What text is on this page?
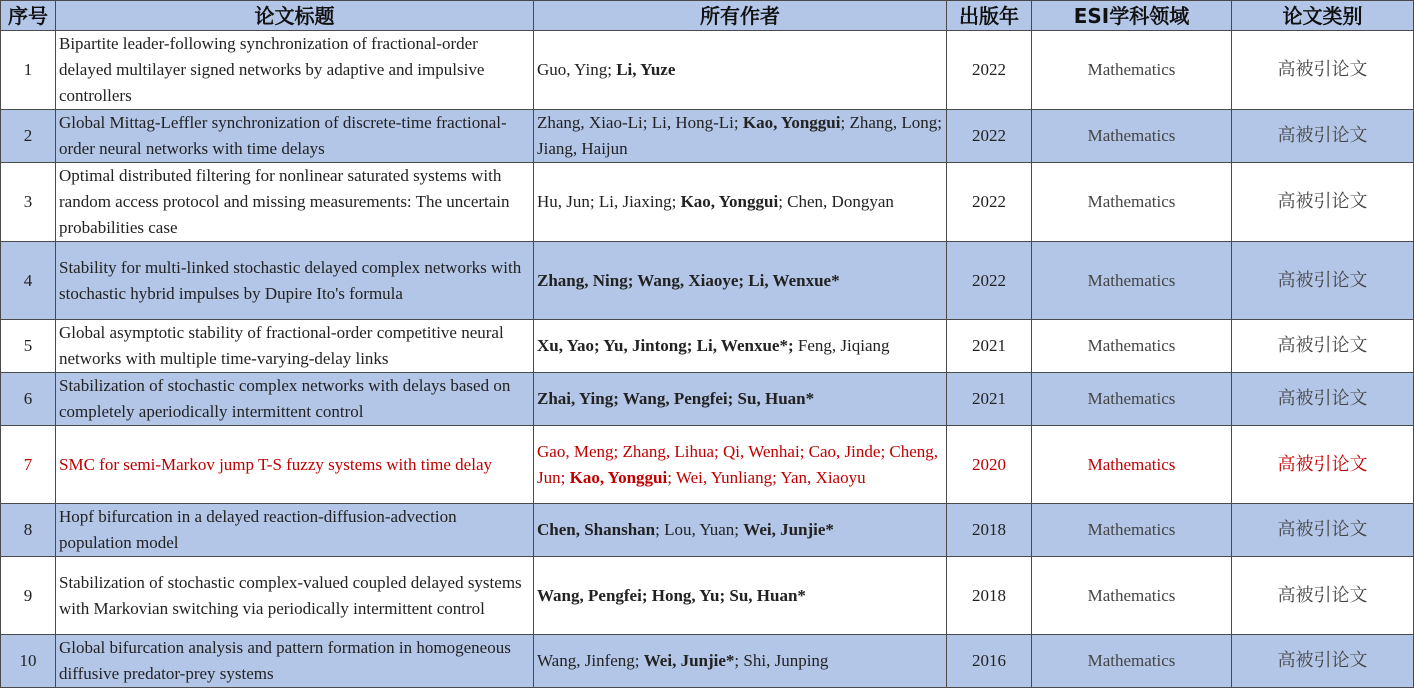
序号	论文标题	所有作者	出版年	ESI学科领域	论文类别
1	Bipartite leader-following synchronization of fractional-order delayed multilayer signed networks by adaptive and impulsive controllers	Guo, Ying; Li, Yuze	2022	Mathematics	高被引论文
2	Global Mittag-Leffler synchronization of discrete-time fractional-order neural networks with time delays	Zhang, Xiao-Li; Li, Hong-Li; Kao, Yonggui; Zhang, Long; Jiang, Haijun	2022	Mathematics	高被引论文
3	Optimal distributed filtering for nonlinear saturated systems with random access protocol and missing measurements: The uncertain probabilities case	Hu, Jun; Li, Jiaxing; Kao, Yonggui; Chen, Dongyan	2022	Mathematics	高被引论文
4	Stability for multi-linked stochastic delayed complex networks with stochastic hybrid impulses by Dupire Ito's formula	Zhang, Ning; Wang, Xiaoye; Li, Wenxue*	2022	Mathematics	高被引论文
5	Global asymptotic stability of fractional-order competitive neural networks with multiple time-varying-delay links	Xu, Yao; Yu, Jintong; Li, Wenxue*; Feng, Jiqiang	2021	Mathematics	高被引论文
6	Stabilization of stochastic complex networks with delays based on completely aperiodically intermittent control	Zhai, Ying; Wang, Pengfei; Su, Huan*	2021	Mathematics	高被引论文
7	SMC for semi-Markov jump T-S fuzzy systems with time delay	Gao, Meng; Zhang, Lihua; Qi, Wenhai; Cao, Jinde; Cheng, Jun; Kao, Yonggui; Wei, Yunliang; Yan, Xiaoyu	2020	Mathematics	高被引论文
8	Hopf bifurcation in a delayed reaction-diffusion-advection population model	Chen, Shanshan; Lou, Yuan; Wei, Junjie*	2018	Mathematics	高被引论文
9	Stabilization of stochastic complex-valued coupled delayed systems with Markovian switching via periodically intermittent control	Wang, Pengfei; Hong, Yu; Su, Huan*	2018	Mathematics	高被引论文
10	Global bifurcation analysis and pattern formation in homogeneous diffusive predator-prey systems	Wang, Jinfeng; Wei, Junjie*; Shi, Junping	2016	Mathematics	高被引论文
